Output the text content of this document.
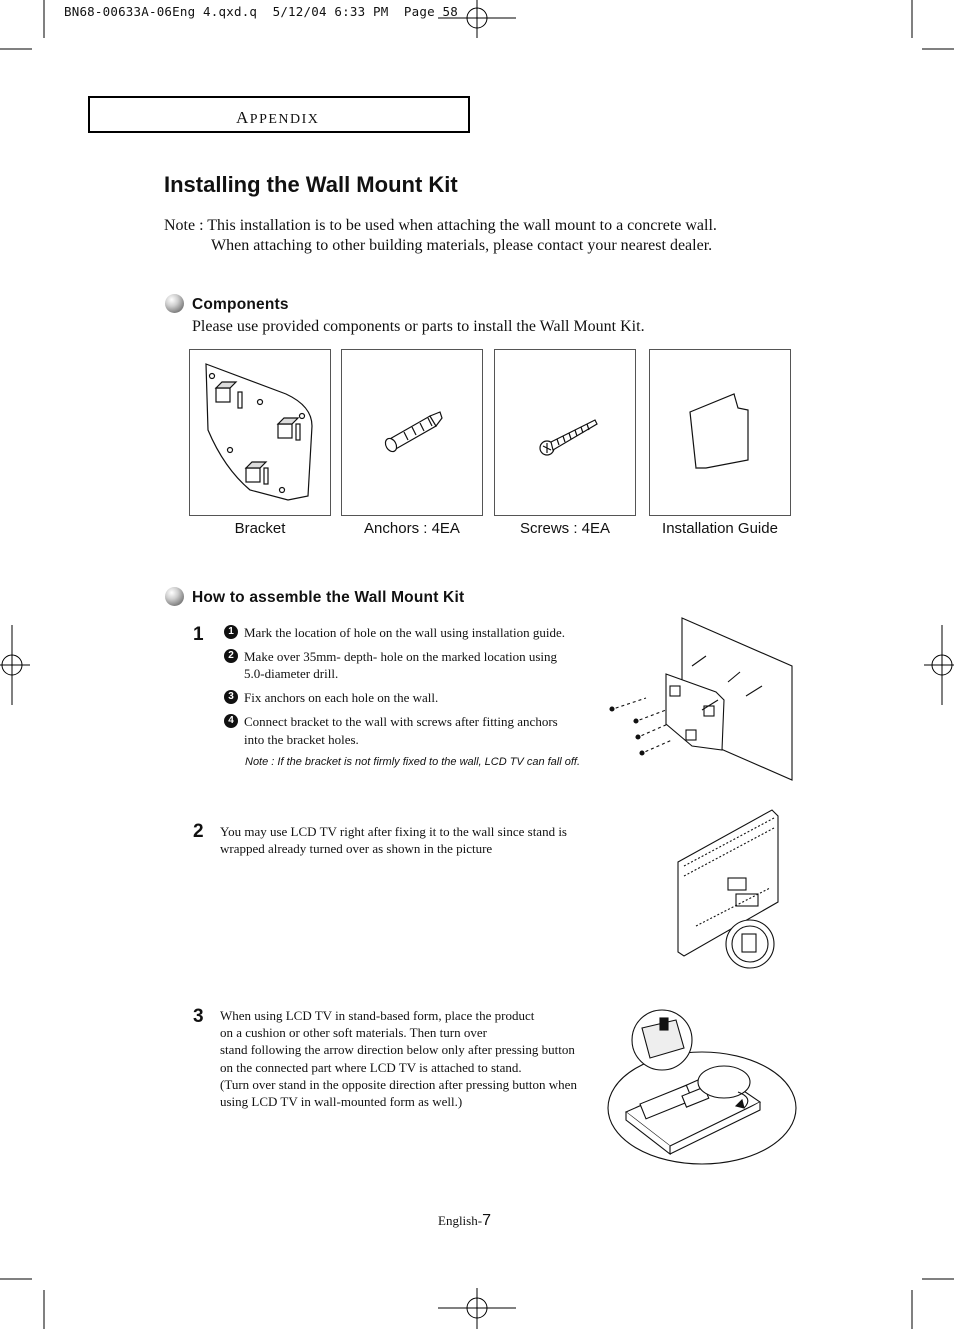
BN68-00633A-06Eng 4.qxd.q  5/12/04 6:33 PM  Page 58
APPENDIX
Installing the Wall Mount Kit
Note : This installation is to be used when attaching the wall mount to a concrete wall.
When attaching to other building materials, please contact your nearest dealer.
Components
Please use provided components or parts to install the Wall Mount Kit.
Bracket	Anchors : 4EA	Screws : 4EA	Installation Guide
How to assemble the Wall Mount Kit
1	1 Mark the location of hole on the wall using installation guide.
2 Make over 35mm- depth- hole on the marked location using
5.0-diameter drill.
3 Fix anchors on each hole on the wall.
4 Connect bracket to the wall with screws after fitting anchors
into the bracket holes.
Note : If the bracket is not firmly fixed to the wall, LCD TV can fall off.
2 You may use LCD TV right after fixing it to the wall since stand is
wrapped already turned over as shown in the picture
3 When using LCD TV in stand-based form, place the product
on a cushion or other soft materials. Then turn over
stand following the arrow direction below only after pressing button
on the connected part where LCD TV is attached to stand.
(Turn over stand in the opposite direction after pressing button when
using LCD TV in wall-mounted form as well.)
English-7
